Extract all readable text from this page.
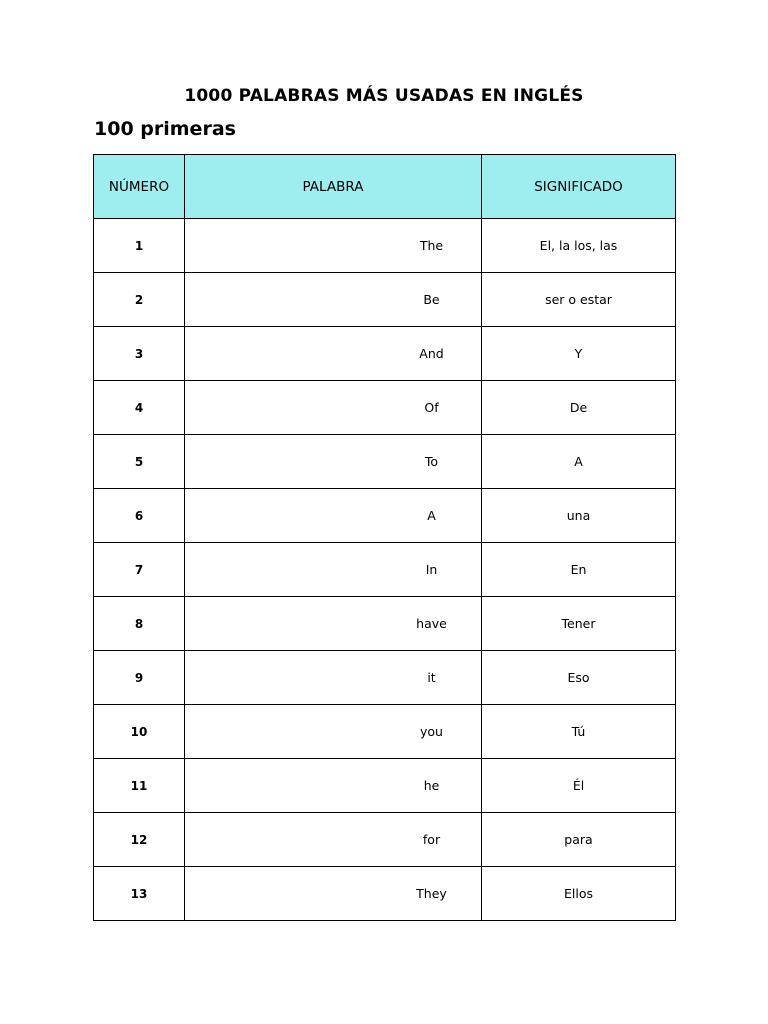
1000 PALABRAS MÁS USADAS EN INGLÉS
100 primeras
NÚMERO	PALABRA	SIGNIFICADO
1	The	El, la los, las
2	Be	ser o estar
3	And	Y
4	Of	De
5	To	A
6	A	una
7	In	En
8	have	Tener
9	it	Eso
10	you	Tú
11	he	Él
12	for	para
13	They	Ellos
